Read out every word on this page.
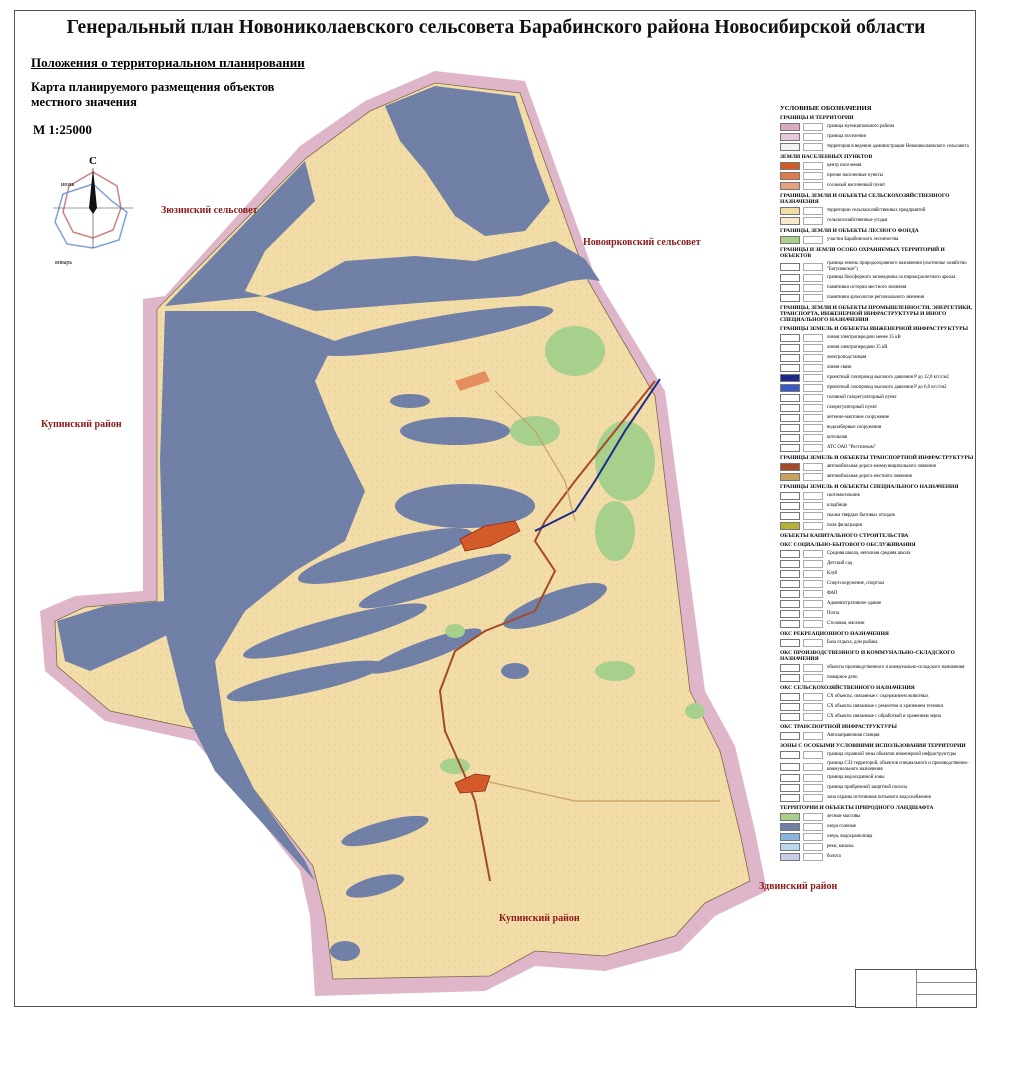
Генеральный план Новониколаевского сельсовета Барабинского района Новосибирской области
Положения о территориальном планировании
Карта планируемого размещения объектов местного значения
М 1:25000
С
июль
январь
Зюзинский сельсовет
Новоярковский сельсовет
Купинский район
Купинский район
Здвинский район
УСЛОВНЫЕ ОБОЗНАЧЕНИЯ
ГРАНИЦЫ И ТЕРРИТОРИИ
граница муниципального района
граница поселения
территория в ведении администрации Новониколаевского сельсовета
ЗЕМЛИ НАСЕЛЕННЫХ ПУНКТОВ
центр поселения
прочие населенные пункты
ссельный населенный пункт
ГРАНИЦЫ, ЗЕМЛИ И ОБЪЕКТЫ СЕЛЬСКОХОЗЯЙСТВЕННОГО НАЗНАЧЕНИЯ
территории сельскохозяйственных предприятий
сельскохозяйственные угодья
ГРАНИЦЫ, ЗЕМЛИ И ОБЪЕКТЫ ЛЕСНОГО ФОНДА
участки Барабинского лесничества
ГРАНИЦЫ И ЗЕМЛИ ОСОБО ОХРАНЯЕМЫХ ТЕРРИТОРИЙ И ОБЪЕКТОВ
граница земель природоохранного назначения (охотничье хозяйство "Багуновское")
граница биосферного заповедника за пирнасрасчетного ареала
памятники истории местного значения
памятники археологии регионального значения
ГРАНИЦЫ, ЗЕМЛИ И ОБЪЕКТЫ ПРОМЫШЛЕННОСТИ, ЭНЕРГЕТИКИ, ТРАНСПОРТА, ИНЖЕНЕРНОЙ ИНФРАСТРУКТУРЫ И ИНОГО СПЕЦИАЛЬНОГО НАЗНАЧЕНИЯ
ГРАНИЦЫ ЗЕМЕЛЬ И ОБЪЕКТЫ ИНЖЕНЕРНОЙ ИНФРАСТРУКТУРЫ
линия электропередачи менее 35 кВ
линия электропередачи 35 кВ
электроподстанция
линия связи
проектный газопровод высокого давления Р до 12,0 кгс/см2
проектный газопровод высокого давления Р до 6,0 кгс/см2
головной газорегуляторный пункт
газорегуляторный пункт
антенно-мачтовое сооружение
водозаборные сооружения
котельная
АТС ОАО "Ростелеком"
ГРАНИЦЫ ЗЕМЕЛЬ И ОБЪЕКТЫ ТРАНСПОРТНОЙ ИНФРАСТРУКТУРЫ
автомобильная дорога межмуниципального значения
автомобильная дорога местного значения
ГРАНИЦЫ ЗЕМЕЛЬ И ОБЪЕКТЫ СПЕЦИАЛЬНОГО НАЗНАЧЕНИЯ
скотомогильник
кладбище
свалка твердых бытовых отходов
поля фильтрации
ОБЪЕКТЫ КАПИТАЛЬНОГО СТРОИТЕЛЬСТВА
ОКС СОЦИАЛЬНО-БЫТОВОГО ОБСЛУЖИВАНИЯ
Средняя школа, неполная средняя школа
Детский сад
Клуб
Спортсооружение, спортзал
ФАП
Административное здание
Почта
Столовая, магазин
ОКС РЕКРЕАЦИОННОГО НАЗНАЧЕНИЯ
База отдыха, дом рыбака
ОКС ПРОИЗВОДСТВЕННОГО И КОММУНАЛЬНО-СКЛАДСКОГО НАЗНАЧЕНИЯ
объекты производственного и коммунально-складского назначения
пожарное депо
ОКС СЕЛЬСКОХОЗЯЙСТВЕННОГО НАЗНАЧЕНИЯ
СХ объекты, связанные с содержанием животных
СХ объекты связанные с ремонтом и хранением техники
СХ объекты связанные с обработкой и хранением зерна
ОКС ТРАНСПОРТНОЙ ИНФРАСТРУКТУРЫ
Автозаправочная станция
ЗОНЫ С ОСОБЫМИ УСЛОВИЯМИ ИСПОЛЬЗОВАНИЯ ТЕРРИТОРИИ
граница охранной зоны объектов инженерной инфраструктуры
граница СЗЗ территорий, объектов специального и производственно-коммунального назначения
граница водоохранной зоны
граница прибрежной защитной полосы
зона охраны источников питьевого водоснабжения
ТЕРРИТОРИИ И ОБЪЕКТЫ ПРИРОДНОГО ЛАНДШАФТА
лесные массивы
озера соленые
озера, водохранилища
реки, каналы
болота
